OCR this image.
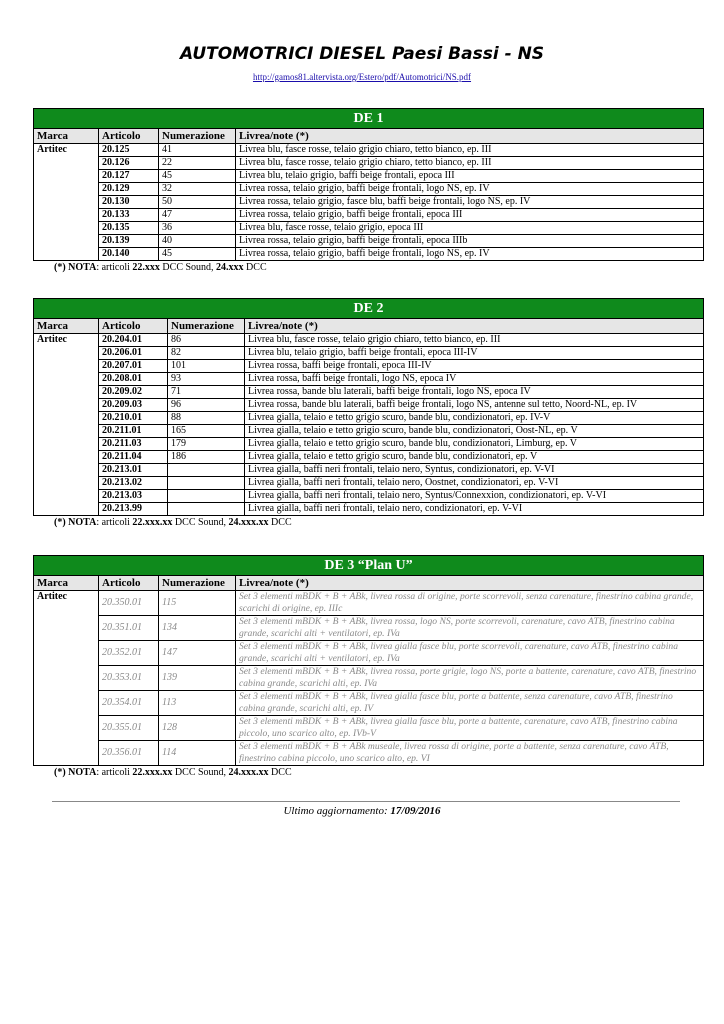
AUTOMOTRICI DIESEL Paesi Bassi - NS
http://gamos81.altervista.org/Estero/pdf/Automotrici/NS.pdf
DE 1			
Marca	Articolo	Numerazione	Livrea/note (*)
Artitec	20.125	41	Livrea blu, fasce rosse, telaio grigio chiaro, tetto bianco, ep. III
	20.126	22	Livrea blu, fasce rosse, telaio grigio chiaro, tetto bianco, ep. III
	20.127	45	Livrea blu, telaio grigio, baffi beige frontali, epoca III
	20.129	32	Livrea rossa, telaio grigio, baffi beige frontali, logo NS, ep. IV
	20.130	50	Livrea rossa, telaio grigio, fasce blu, baffi beige frontali, logo NS, ep. IV
	20.133	47	Livrea rossa, telaio grigio, baffi beige frontali, epoca III
	20.135	36	Livrea blu, fasce rosse, telaio grigio, epoca III
	20.139	40	Livrea rossa, telaio grigio, baffi beige frontali, epoca IIIb
	20.140	45	Livrea rossa, telaio grigio, baffi beige frontali, logo NS, ep. IV
(*) NOTA: articoli 22.xxx DCC Sound, 24.xxx DCC
DE 2			
Marca	Articolo	Numerazione	Livrea/note (*)
Artitec	20.204.01	86	Livrea blu, fasce rosse, telaio grigio chiaro, tetto bianco, ep. III
	20.206.01	82	Livrea blu, telaio grigio, baffi beige frontali, epoca III-IV
	20.207.01	101	Livrea rossa, baffi beige frontali, epoca III-IV
	20.208.01	93	Livrea rossa, baffi beige frontali, logo NS, epoca IV
	20.209.02	71	Livrea rossa, bande blu laterali, baffi beige frontali, logo NS, epoca IV
	20.209.03	96	Livrea rossa, bande blu laterali, baffi beige frontali, logo NS, antenne sul tetto, Noord-NL, ep. IV
	20.210.01	88	Livrea gialla, telaio e tetto grigio scuro, bande blu, condizionatori, ep. IV-V
	20.211.01	165	Livrea gialla, telaio e tetto grigio scuro, bande blu, condizionatori, Oost-NL, ep. V
	20.211.03	179	Livrea gialla, telaio e tetto grigio scuro, bande blu, condizionatori, Limburg, ep. V
	20.211.04	186	Livrea gialla, telaio e tetto grigio scuro, bande blu, condizionatori, ep. V
	20.213.01		Livrea gialla, baffi neri frontali, telaio nero, Syntus, condizionatori, ep. V-VI
	20.213.02		Livrea gialla, baffi neri frontali, telaio nero, Oostnet, condizionatori, ep. V-VI
	20.213.03		Livrea gialla, baffi neri frontali, telaio nero, Syntus/Connexxion, condizionatori, ep. V-VI
	20.213.99		Livrea gialla, baffi neri frontali, telaio nero, condizionatori, ep. V-VI
(*) NOTA: articoli 22.xxx.xx DCC Sound, 24.xxx.xx DCC
DE 3 “Plan U”			
Marca	Articolo	Numerazione	Livrea/note (*)
Artitec	20.350.01	115	Set 3 elementi mBDK + B + ABk, livrea rossa di origine, porte scorrevoli, senza carenature, finestrino cabina grande, scarichi di origine, ep. IIIc
	20.351.01	134	Set 3 elementi mBDK + B + ABk, livrea rossa, logo NS, porte scorrevoli, carenature, cavo ATB, finestrino cabina grande, scarichi alti + ventilatori, ep. IVa
	20.352.01	147	Set 3 elementi mBDK + B + ABk, livrea gialla fasce blu, porte scorrevoli, carenature, cavo ATB, finestrino cabina grande, scarichi alti + ventilatori, ep. IVa
	20.353.01	139	Set 3 elementi mBDK + B + ABk, livrea rossa, porte grigie, logo NS, porte a battente, carenature, cavo ATB, finestrino cabina grande, scarichi alti, ep. IVa
	20.354.01	113	Set 3 elementi mBDK + B + ABk, livrea gialla fasce blu, porte a battente, senza carenature, cavo ATB, finestrino cabina grande, scarichi alti, ep. IV
	20.355.01	128	Set 3 elementi mBDK + B + ABk, livrea gialla fasce blu, porte a battente, carenature, cavo ATB, finestrino cabina piccolo, uno scarico alto, ep. IVb-V
	20.356.01	114	Set 3 elementi mBDK + B + ABk museale, livrea rossa di origine, porte a battente, senza carenature, cavo ATB, finestrino cabina piccolo, uno scarico alto, ep. VI
(*) NOTA: articoli 22.xxx.xx DCC Sound, 24.xxx.xx DCC
Ultimo aggiornamento: 17/09/2016
